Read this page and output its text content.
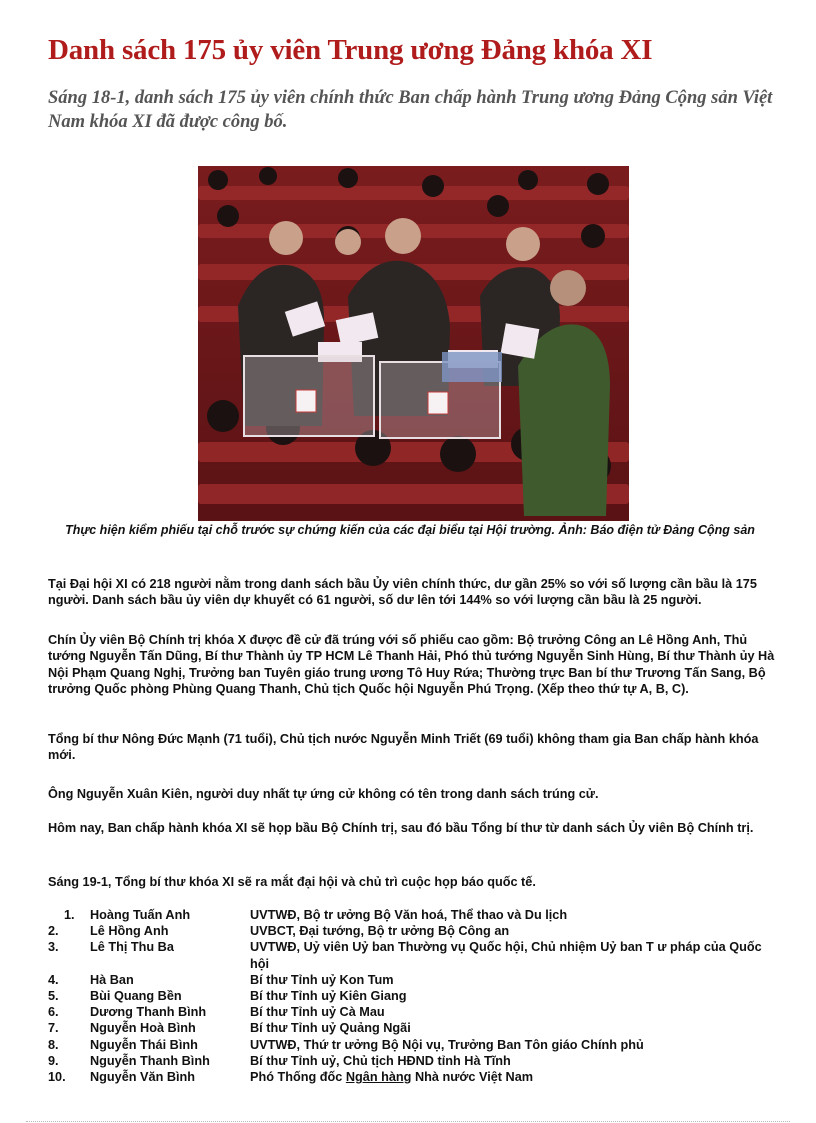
Danh sách 175 ủy viên Trung ương Đảng khóa XI

Sáng 18-1, danh sách 175 ủy viên chính thức Ban chấp hành Trung ương Đảng Cộng sản Việt Nam khóa XI đã được công bố.

Thực hiện kiểm phiếu tại chỗ trước sự chứng kiến của các đại biểu tại Hội trường. Ảnh: Báo điện tử Đảng Cộng sản

Tại Đại hội XI có 218 người nằm trong danh sách bầu Ủy viên chính thức, dư gần 25% so với số lượng cần bầu là 175 người. Danh sách bầu ủy viên dự khuyết có 61 người, số dư lên tới 144% so với lượng cần bầu là 25 người.

Chín Ủy viên Bộ Chính trị khóa X được đề cử đã trúng với số phiếu cao gồm: Bộ trưởng Công an Lê Hồng Anh, Thủ tướng Nguyễn Tấn Dũng, Bí thư Thành ủy TP HCM Lê Thanh Hải, Phó thủ tướng Nguyễn Sinh Hùng, Bí thư Thành ủy Hà Nội Phạm Quang Nghị, Trưởng ban Tuyên giáo trung ương Tô Huy Rứa; Thường trực Ban bí thư Trương Tấn Sang, Bộ trưởng Quốc phòng Phùng Quang Thanh, Chủ tịch Quốc hội Nguyễn Phú Trọng. (Xếp theo thứ tự A, B, C).

Tổng bí thư Nông Đức Mạnh (71 tuổi), Chủ tịch nước Nguyễn Minh Triết (69 tuổi) không tham gia Ban chấp hành khóa mới.

Ông Nguyễn Xuân Kiên, người duy nhất tự ứng cử không có tên trong danh sách trúng cử.

Hôm nay, Ban chấp hành khóa XI sẽ họp bầu Bộ Chính trị, sau đó bầu Tổng bí thư từ danh sách Ủy viên Bộ Chính trị.

Sáng 19-1, Tổng bí thư khóa XI sẽ ra mắt đại hội và chủ trì cuộc họp báo quốc tế.

1.	Hoàng Tuấn Anh	UVTWĐ, Bộ tr ưởng Bộ Văn hoá, Thể thao và Du lịch
2.	Lê Hồng Anh	UVBCT, Đại tướng, Bộ tr ưởng Bộ Công an
3.	Lê Thị Thu Ba	UVTWĐ, Uỷ viên Uỷ ban Thường vụ Quốc hội, Chủ nhiệm Uỷ ban T ư pháp của Quốc hội
4.	Hà Ban	Bí thư Tỉnh uỷ Kon Tum
5.	Bùi Quang Bền	Bí thư Tỉnh uỷ Kiên Giang
6.	Dương Thanh Bình	Bí thư Tỉnh uỷ Cà Mau
7.	Nguyễn Hoà Bình	Bí thư Tỉnh uỷ Quảng Ngãi
8.	Nguyễn Thái Bình	UVTWĐ, Thứ tr ưởng Bộ Nội vụ, Trưởng Ban Tôn giáo Chính phủ
9.	Nguyễn Thanh Bình	Bí thư Tỉnh uỷ, Chủ tịch HĐND tỉnh Hà Tĩnh
10.	Nguyễn Văn Bình	Phó Thống đốc Ngân hàng Nhà nước Việt Nam
